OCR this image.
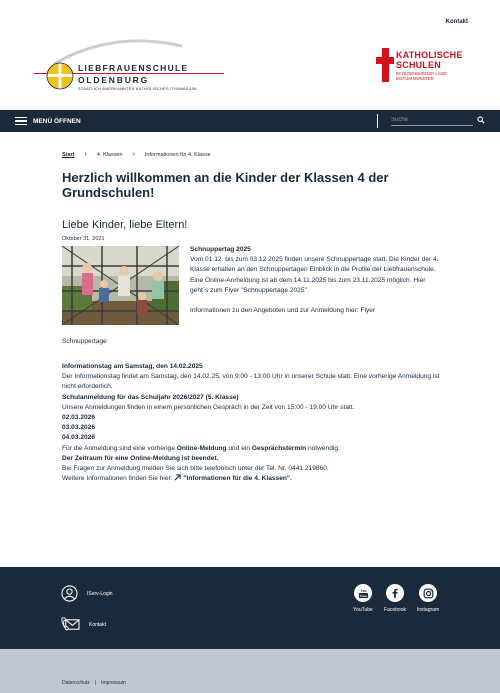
Kontakt
LIEBFRAUENSCHULE
OLDENBURG
STAATLICH ANERKANNTES KATHOLISCHES GYMNASIUM
KATHOLISCHE
SCHULEN
IM OLDENBURGER LAND
BISTUM MÜNSTER
MENÜ ÖFFNEN
Suche
Start › 4. Klassen › Informationen für 4. Klasse
Herzlich willkommen an die Kinder der Klassen 4 der Grundschulen!
Liebe Kinder, liebe Eltern!
Oktober 31, 2021
Schnuppertag 2025
Vom 01.12. bis zum 03.12.2025 finden unsere Schnuppertage statt. Die Kinder der 4. Klasse erhalten an den Schnuppertagen Einblick in die Profile der Liebfrauenschule.
Eine Online-Anmeldung ist ab dem 14.11.2025 bis zum 23.11.2025 möglich. Hier geht´s zum Flyer "Schnuppertage 2025"
Informationen zu den Angeboten und zur Anmeldung hier: Flyer
Schnuppertage
Informationstag am Samstag, den 14.02.2025
Der Informationstag findet am Samstag, den 14.02.25, von 9:00 - 13:00 Uhr in unserer Schule statt. Eine vorherige Anmeldung ist nicht erforderlich.
Schulanmeldung für das Schuljahr 2026/2027 (5. Klasse)
Unsere Anmeldungen finden in einem persönlichen Gespräch in der Zeit von 15:00 - 19:00 Uhr statt.
02.03.2026
03.03.2026
04.03.2026
Für die Anmeldung sind eine vorherige Online-Meldung und ein Gesprächstermin notwendig.
Der Zeitraum für eine Online-Meldung ist beendet.
Bei Fragen zur Anmeldung melden Sie sich bitte telefonisch unter der Tel. Nr. 0441 219860.
Weitere Informationen finden Sie hier: "Informationen für die 4. Klassen".
IServ-Login
Kontakt
You
Tube
YouTube	Facebook	Instagram
Datenschutz | Impressum
